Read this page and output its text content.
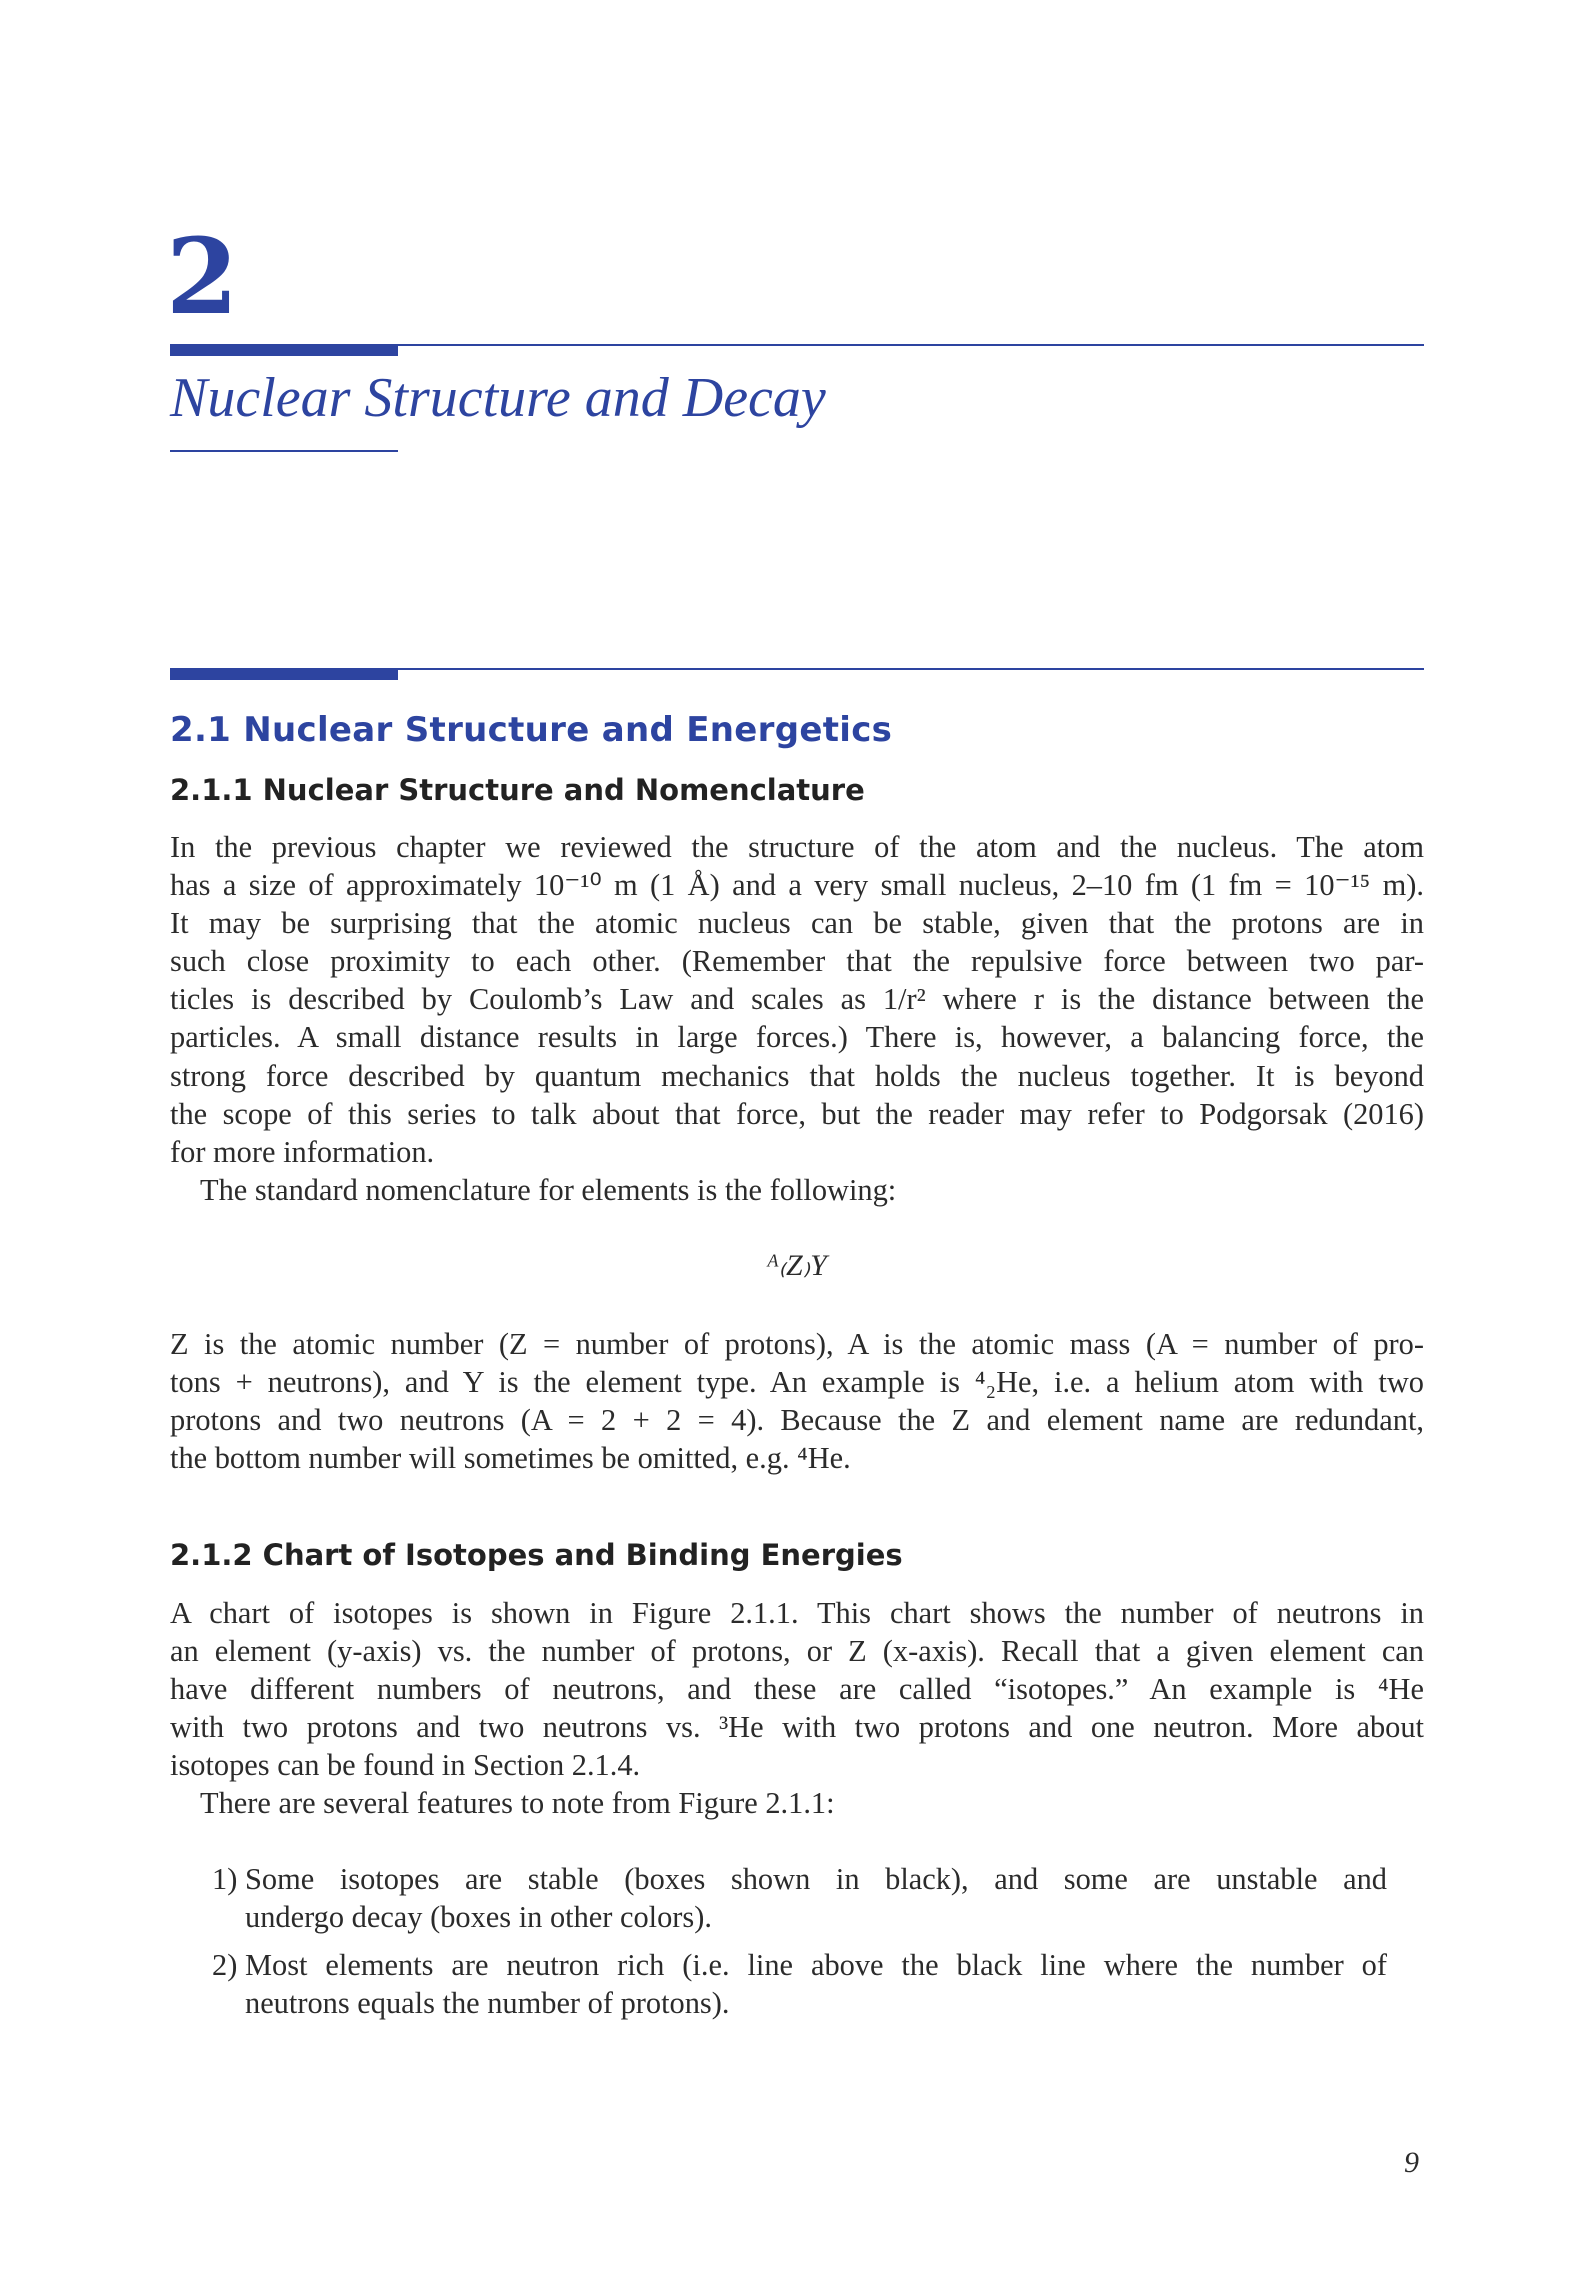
2
Nuclear Structure and Decay
2.1 Nuclear Structure and Energetics
2.1.1 Nuclear Structure and Nomenclature
In the previous chapter we reviewed the structure of the atom and the nucleus. The atom
has a size of approximately 10⁻¹⁰ m (1 Å) and a very small nucleus, 2–10 fm (1 fm = 10⁻¹⁵ m).
It may be surprising that the atomic nucleus can be stable, given that the protons are in
such close proximity to each other. (Remember that the repulsive force between two par-
ticles is described by Coulomb’s Law and scales as 1/r² where r is the distance between the
particles. A small distance results in large forces.) There is, however, a balancing force, the
strong force described by quantum mechanics that holds the nucleus together. It is beyond
the scope of this series to talk about that force, but the reader may refer to Podgorsak (2016)
for more information.
The standard nomenclature for elements is the following:
ᴬ₍Z₎Y
Z is the atomic number (Z = number of protons), A is the atomic mass (A = number of pro-
tons + neutrons), and Y is the element type. An example is ⁴₂He, i.e. a helium atom with two
protons and two neutrons (A = 2 + 2 = 4). Because the Z and element name are redundant,
the bottom number will sometimes be omitted, e.g. ⁴He.
2.1.2 Chart of Isotopes and Binding Energies
A chart of isotopes is shown in Figure 2.1.1. This chart shows the number of neutrons in
an element (y-axis) vs. the number of protons, or Z (x-axis). Recall that a given element can
have different numbers of neutrons, and these are called “isotopes.” An example is ⁴He
with two protons and two neutrons vs. ³He with two protons and one neutron. More about
isotopes can be found in Section 2.1.4.
There are several features to note from Figure 2.1.1:
1) Some isotopes are stable (boxes shown in black), and some are unstable and
undergo decay (boxes in other colors).
2) Most elements are neutron rich (i.e. line above the black line where the number of
neutrons equals the number of protons).
9
